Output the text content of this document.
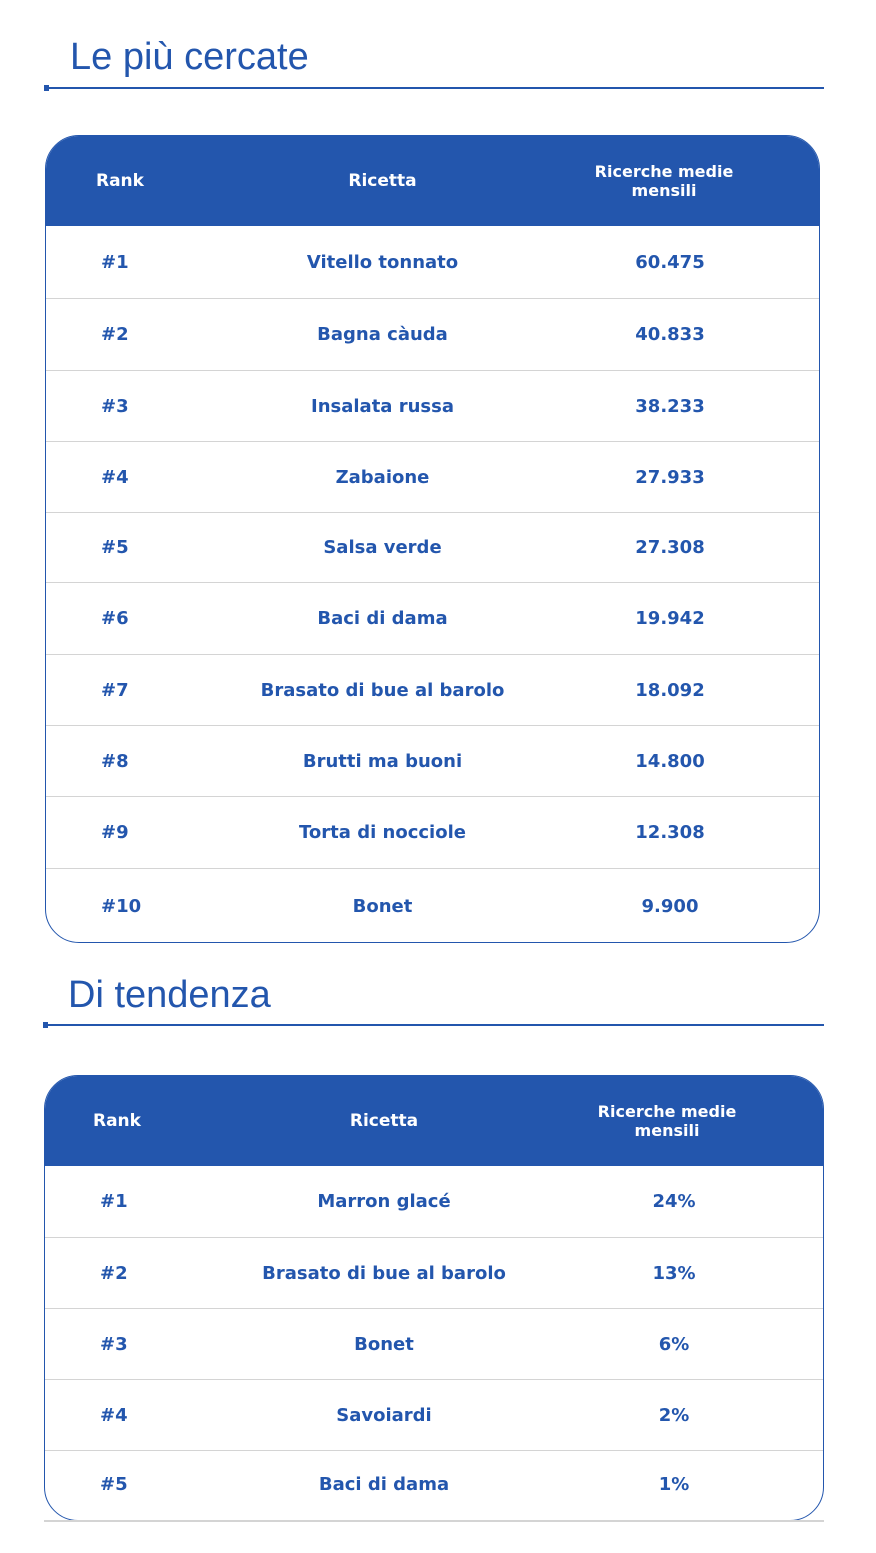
Le più cercate
Rank	Ricetta	Ricerche medie mensili
#1	Vitello tonnato	60.475
#2	Bagna càuda	40.833
#3	Insalata russa	38.233
#4	Zabaione	27.933
#5	Salsa verde	27.308
#6	Baci di dama	19.942
#7	Brasato di bue al barolo	18.092
#8	Brutti ma buoni	14.800
#9	Torta di nocciole	12.308
#10	Bonet	9.900
Di tendenza
Rank	Ricetta	Ricerche medie mensili
#1	Marron glacé	24%
#2	Brasato di bue al barolo	13%
#3	Bonet	6%
#4	Savoiardi	2%
#5	Baci di dama	1%
